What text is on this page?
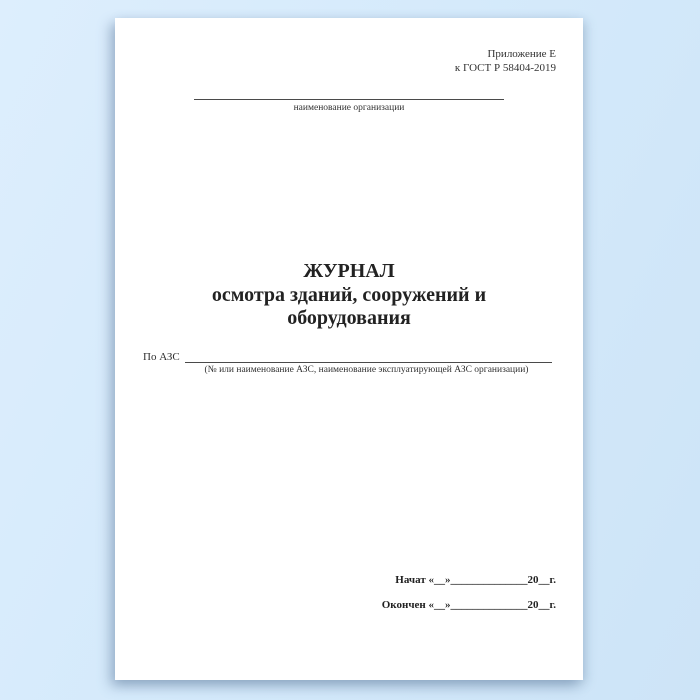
Приложение Е
к ГОСТ Р 58404-2019
наименование организации
ЖУРНАЛ
осмотра зданий, сооружений и
оборудования
По АЗС
(№ или наименование АЗС, наименование эксплуатирующей АЗС организации)
Начат «__»______________20__г.
Окончен «__»______________20__г.
